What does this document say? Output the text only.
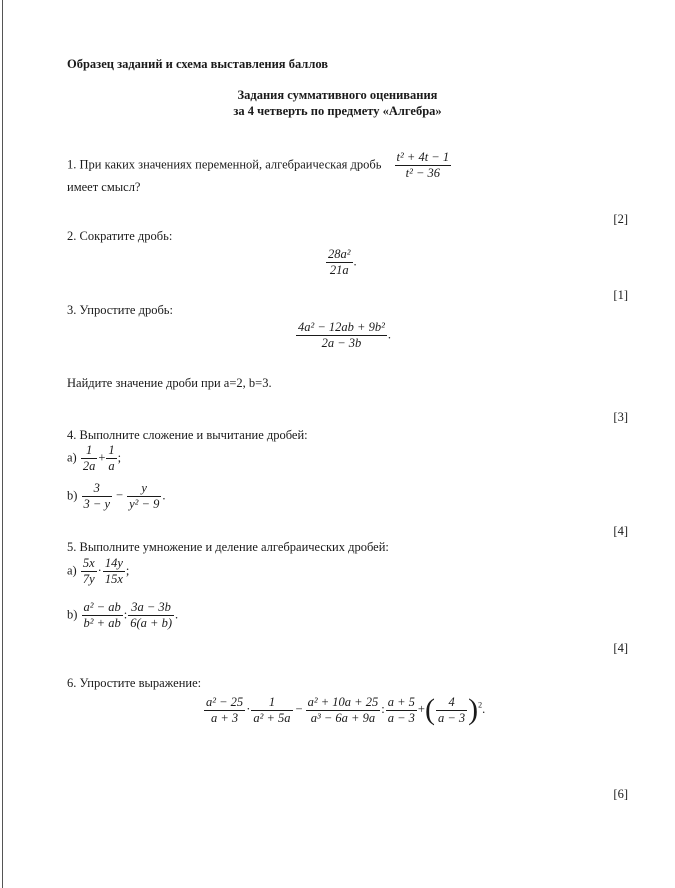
Образец заданий и схема выставления баллов
Задания суммативного оценивания
за 4 четверть по предмету «Алгебра»
1. При каких значениях переменной, алгебраическая дробь $\frac{\text{t² + 4t − 1}}{\text{t² − 36}}$
имеет смысл?
[2]
2. Сократите дробь:
$\frac{\text{28a²}}{21a}$ .
[1]
3. Упростите дробь:
$\frac{\text{4a² − 12ab + 9b²}}{2a - 3b}$ .
Найдите значение дроби при a=2, b=3.
[3]
4. Выполните сложение и вычитание дробей:
$a) \frac{1}{2a} + \frac{1}{a}$ ;
$b) \frac{3}{3 - y} - \frac{y}{\text{y² − 9}}$ .
[4]
5. Выполните умножение и деление алгебраических дробей:
$a) \frac{5x}{7y} \cdot \frac{14y}{15x}$ ;
$b) \frac{\text{a² − ab}}{\text{b² + ab}}$ : $\frac{3a - 3b}{6(a + b)}$ .
[4]
6. Упростите выражение:
$\frac{\text{a² − 25}}{a + 3} \cdot \frac{1}{\text{a² + 5a}} - \frac{\text{a² + 10a + 25}}{\text{a³ − 6a + 9a}}$ : $\frac{a + 5}{a - 3}$ +( $\frac{4}{a - 3} )^2$.
[6]
